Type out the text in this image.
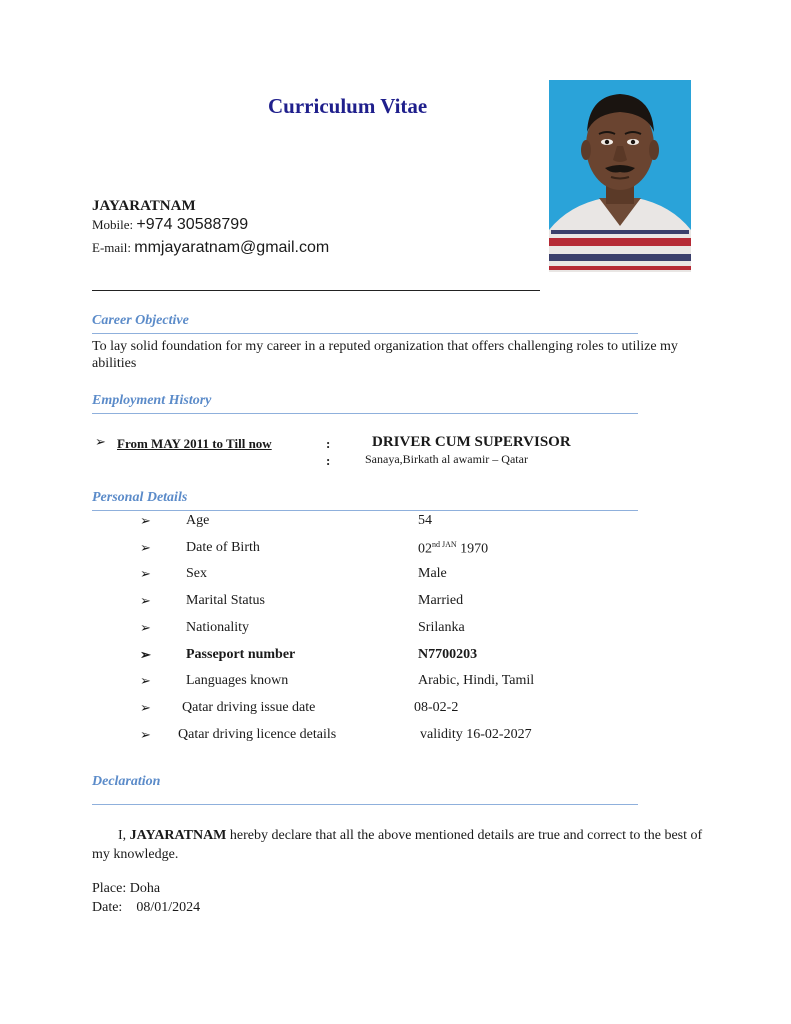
Curriculum Vitae
JAYARATNAM
Mobile: +974 30588799
E-mail: mmjayaratnam@gmail.com
Career Objective
To lay solid foundation for my career in a reputed organization that offers challenging roles to utilize my abilities
Employment History
➢ From MAY 2011 to Till now	:	DRIVER CUM SUPERVISOR
:	Sanaya,Birkath al awamir – Qatar
Personal Details
➢	Age	54
➢	Date of Birth	$02^{nd JAN}$ 1970
➢	Sex	Male
➢	Marital Status	Married
➢	Nationality	Srilanka
➢	Passeport number	N7700203
➢	Languages known	Arabic, Hindi, Tamil
➢ Qatar driving issue date	08-02-2
➢ Qatar driving licence details	validity 16-02-2027
Declaration
I, JAYARATNAM hereby declare that all the above mentioned details are true and correct to the best of my knowledge.
Place: Doha
Date: 08/01/2024
